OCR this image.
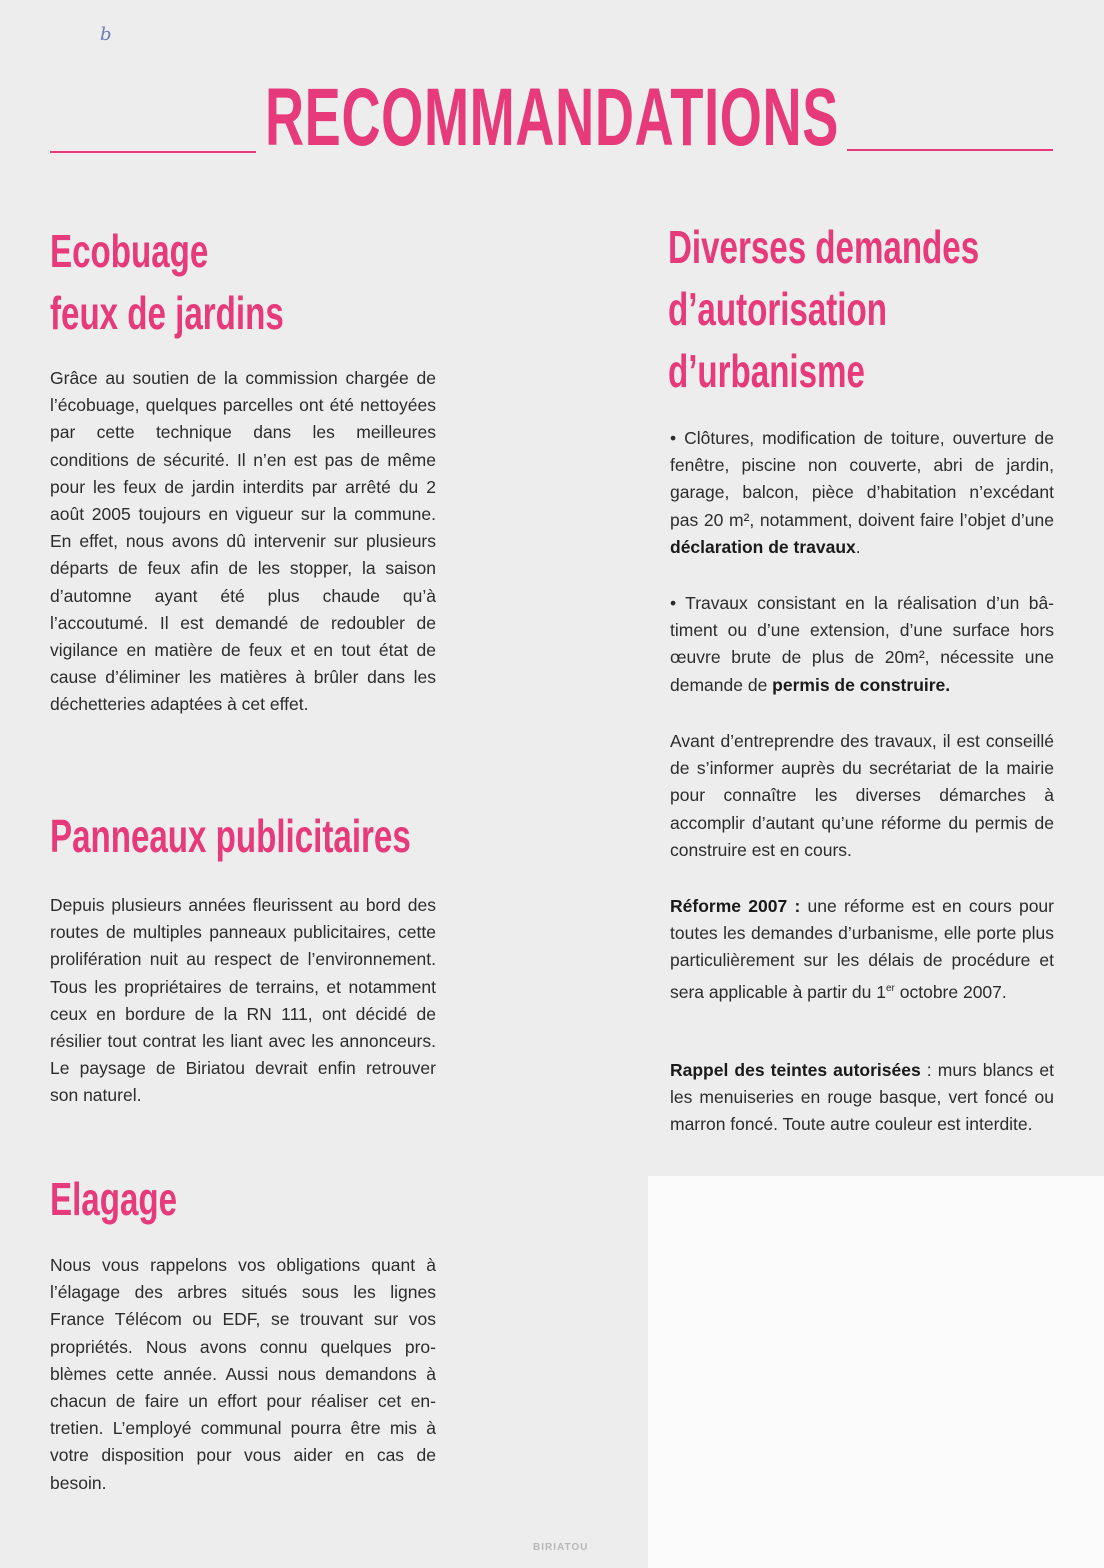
b
RECOMMANDATIONS
Ecobuage
feux de jardins
Grâce au soutien de la commission chargée de l’écobuage, quelques parcelles ont été nettoyées par cette technique dans les meilleures conditions de sécurité. Il n’en est pas de même pour les feux de jardin interdits par arrêté du 2 août 2005 toujours en vigueur sur la commune. En effet, nous avons dû intervenir sur plusieurs départs de feux afin de les stopper, la saison d’automne ayant été plus chaude qu’à l’accoutumé. Il est demandé de redoubler de vigilance en matière de feux et en tout état de cause d’éliminer les matières à brûler dans les déchetteries adaptées à cet effet.
Panneaux publicitaires
Depuis plusieurs années fleurissent au bord des routes de multiples panneaux publicitaires, cette prolifération nuit au respect de l’environnement. Tous les propriétaires de terrains, et notamment ceux en bordure de la RN 111, ont décidé de résilier tout contrat les liant avec les annonceurs. Le paysage de Biriatou devrait enfin retrouver son naturel.
Elagage
Nous vous rappelons vos obligations quant à l’élagage des arbres situés sous les lignes France Télécom ou EDF, se trouvant sur vos propriétés. Nous avons connu quelques problèmes cette année. Aussi nous demandons à chacun de faire un effort pour réaliser cet entretien. L’employé communal pourra être mis à votre disposition pour vous aider en cas de besoin.
Diverses demandes
d’autorisation
d’urbanisme
• Clôtures, modification de toiture, ouverture de fenêtre, piscine non couverte, abri de jardin, garage, balcon, pièce d’habitation n’excédant pas 20 m², notamment, doivent faire l’objet d’une déclaration de travaux.
• Travaux consistant en la réalisation d’un bâtiment ou d’une extension, d’une surface hors œuvre brute de plus de 20m², nécessite une demande de permis de construire.
Avant d’entreprendre des travaux, il est conseillé de s’informer auprès du secrétariat de la mairie pour connaître les diverses démarches à accomplir d’autant qu’une réforme du permis de construire est en cours.
Réforme 2007 : une réforme est en cours pour toutes les demandes d’urbanisme, elle porte plus particulièrement sur les délais de procédure et sera applicable à partir du 1er octobre 2007.
Rappel des teintes autorisées : murs blancs et les menuiseries en rouge basque, vert foncé ou marron foncé. Toute autre couleur est interdite.
BIRIATOU
